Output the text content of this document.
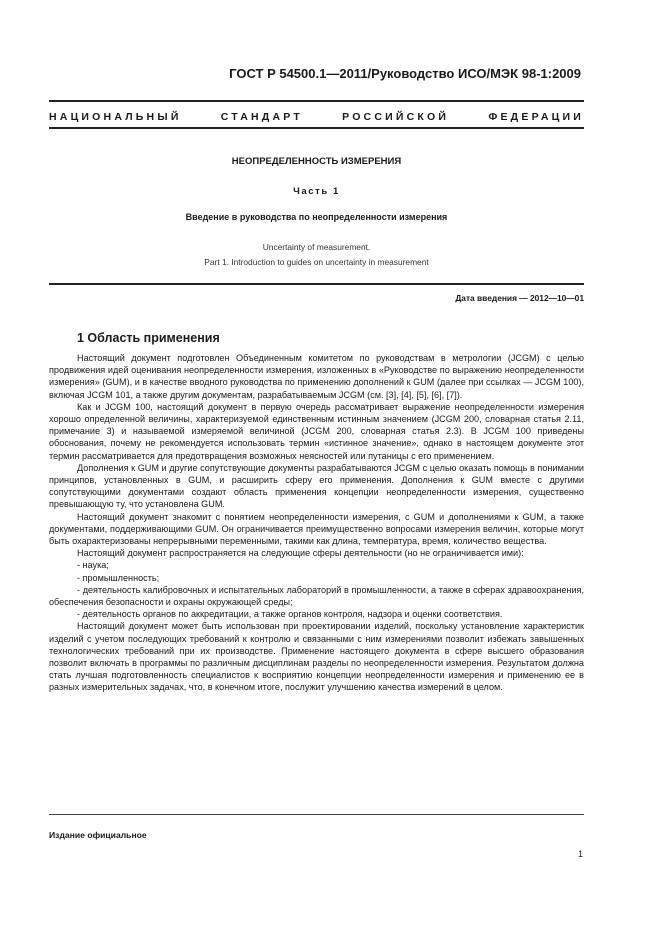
ГОСТ Р 54500.1—2011/Руководство ИСО/МЭК 98-1:2009
НАЦИОНАЛЬНЫЙ СТАНДАРТ РОССИЙСКОЙ ФЕДЕРАЦИИ
НЕОПРЕДЕЛЕННОСТЬ ИЗМЕРЕНИЯ
Часть 1
Введение в руководства по неопределенности измерения
Uncertainty of measurement.
Part 1. Introduction to guides on uncertainty in measurement
Дата введения — 2012—10—01
1 Область применения

Настоящий документ подготовлен Объединенным комитетом по руководствам в метрологии (JCGM) с целью продвижения идей оценивания неопределенности измерения, изложенных в «Руководстве по выражению неопределенности измерения» (GUM), и в качестве вводного руководства по применению дополнений к GUM (далее при ссылках — JCGM 100), включая JCGM 101, а также другим документам, разрабатываемым JCGM (см. [3], [4], [5], [6], [7]).

Как и JCGM 100, настоящий документ в первую очередь рассматривает выражение неопределенности измерения хорошо определенной величины, характеризуемой единственным истинным значением (JCGM 200, словарная статья 2.11, примечание 3) и называемой измеряемой величиной (JCGM 200, словарная статья 2.3). В JCGM 100 приведены обоснования, почему не рекомендуется использовать термин «истинное значение», однако в настоящем документе этот термин рассматривается для предотвращения возможных неясностей или путаницы с его применением.

Дополнения к GUM и другие сопутствующие документы разрабатываются JCGM с целью оказать помощь в понимании принципов, установленных в GUM, и расширить сферу его применения. Дополнения к GUM вместе с другими сопутствующими документами создают область применения концепции неопределенности измерения, существенно превышающую ту, что установлена GUM.

Настоящий документ знакомит с понятием неопределенности измерения, с GUM и дополнениями к GUM, а также документами, поддерживающими GUM. Он ограничивается преимущественно вопросами измерения величин, которые могут быть охарактеризованы непрерывными переменными, такими как длина, температура, время, количество вещества.

Настоящий документ распространяется на следующие сферы деятельности (но не ограничивается ими):

- наука;

- промышленность;

- деятельность калибровочных и испытательных лабораторий в промышленности, а также в сферах здравоохранения, обеспечения безопасности и охраны окружающей среды;

- деятельность органов по аккредитации, а также органов контроля, надзора и оценки соответствия.

Настоящий документ может быть использован при проектировании изделий, поскольку установление характеристик изделий с учетом последующих требований к контролю и связанными с ним измерениями позволит избежать завышенных технологических требований при их производстве. Применение настоящего документа в сфере высшего образования позволит включать в программы по различным дисциплинам разделы по неопределенности измерения. Результатом должна стать лучшая подготовленность специалистов к восприятию концепции неопределенности измерения и применению ее в разных измерительных задачах, что, в конечном итоге, послужит улучшению качества измерений в целом.

Издание официальное
1
